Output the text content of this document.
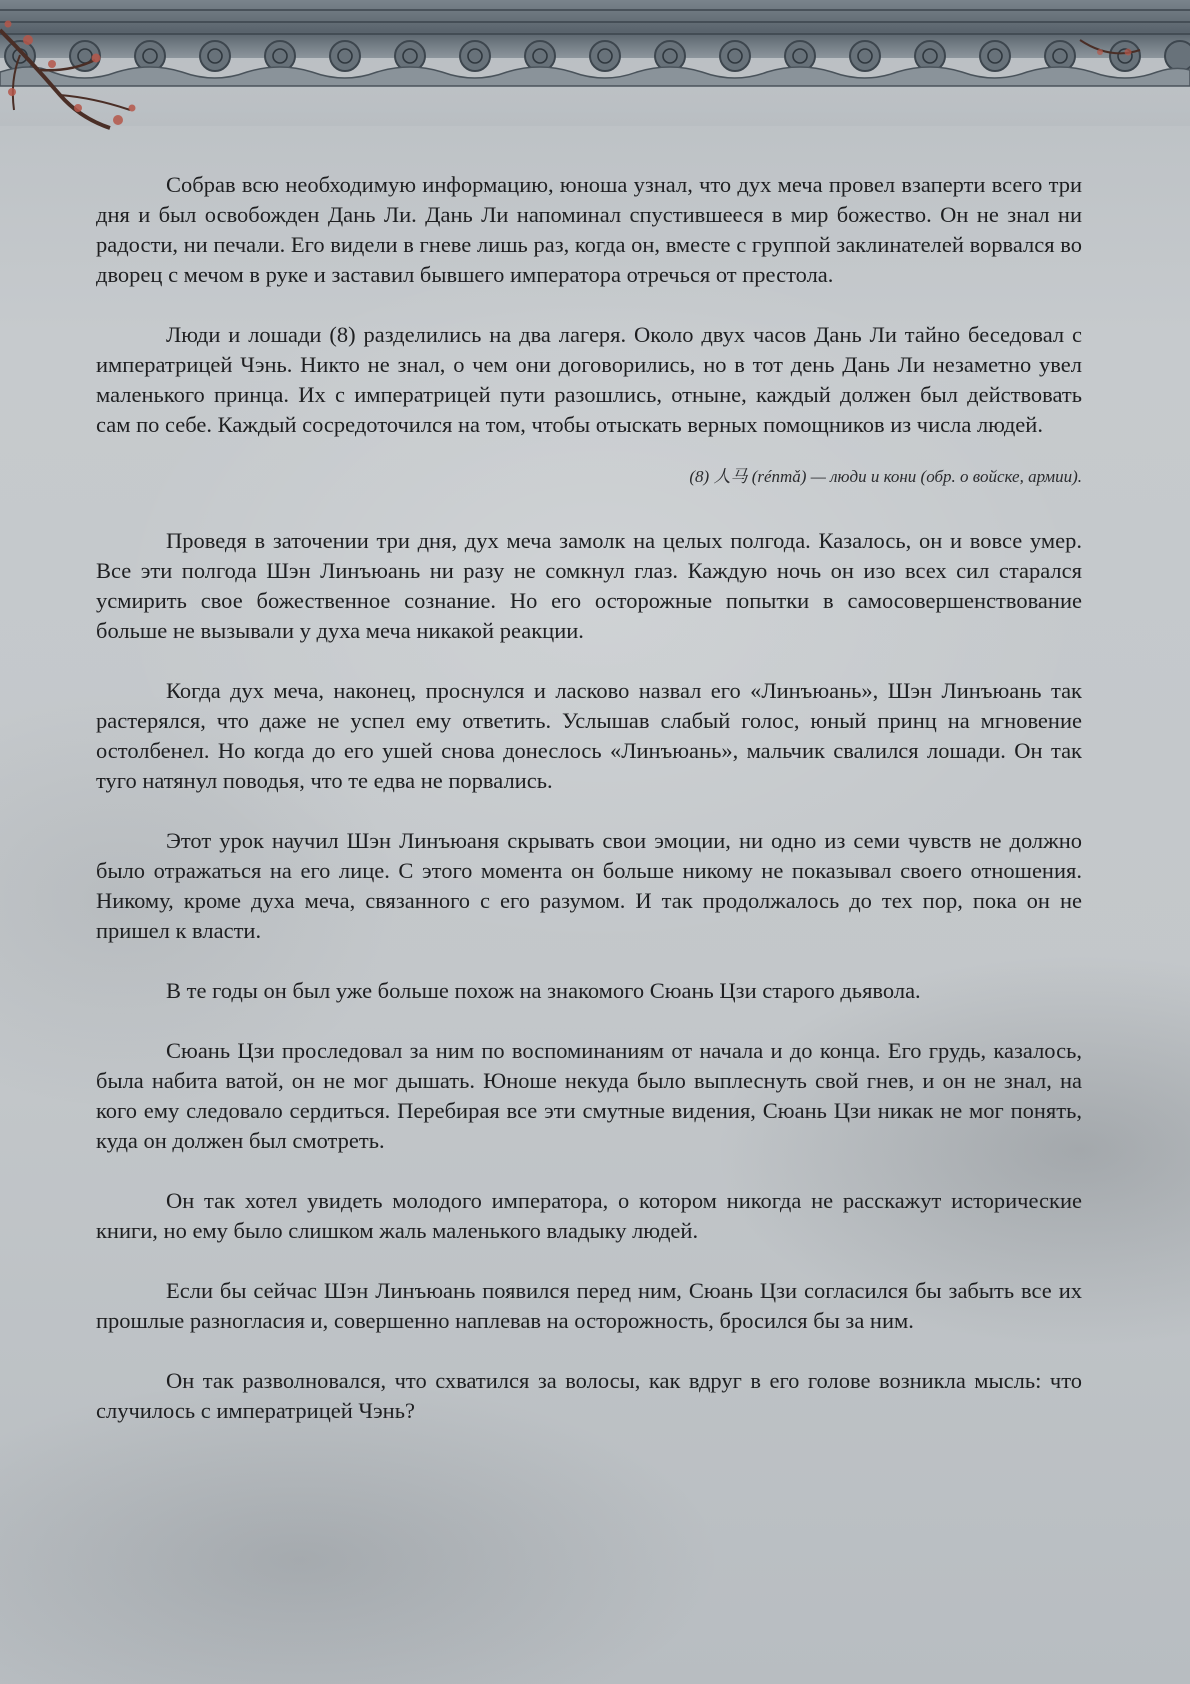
Собрав всю необходимую информацию, юноша узнал, что дух меча провел взаперти всего три дня и был освобожден Дань Ли. Дань Ли напоминал спустившееся в мир божество. Он не знал ни радости, ни печали. Его видели в гневе лишь раз, когда он, вместе с группой заклинателей ворвался во дворец с мечом в руке и заставил бывшего императора отречься от престола.

Люди и лошади (8) разделились на два лагеря. Около двух часов Дань Ли тайно беседовал с императрицей Чэнь. Никто не знал, о чем они договорились, но в тот день Дань Ли незаметно увел маленького принца. Их с императрицей пути разошлись, отныне, каждый должен был действовать сам по себе. Каждый сосредоточился на том, чтобы отыскать верных помощников из числа людей.

(8) 人马 (rénmǎ) — люди и кони (обр. о войске, армии).

Проведя в заточении три дня, дух меча замолк на целых полгода. Казалось, он и вовсе умер. Все эти полгода Шэн Линъюань ни разу не сомкнул глаз. Каждую ночь он изо всех сил старался усмирить свое божественное сознание. Но его осторожные попытки в самосовершенствование больше не вызывали у духа меча никакой реакции.

Когда дух меча, наконец, проснулся и ласково назвал его «Линъюань», Шэн Линъюань так растерялся, что даже не успел ему ответить. Услышав слабый голос, юный принц на мгновение остолбенел. Но когда до его ушей снова донеслось «Линъюань», мальчик свалился лошади. Он так туго натянул поводья, что те едва не порвались.

Этот урок научил Шэн Линъюаня скрывать свои эмоции, ни одно из семи чувств не должно было отражаться на его лице. С этого момента он больше никому не показывал своего отношения. Никому, кроме духа меча, связанного с его разумом. И так продолжалось до тех пор, пока он не пришел к власти.

В те годы он был уже больше похож на знакомого Сюань Цзи старого дьявола.

Сюань Цзи проследовал за ним по воспоминаниям от начала и до конца. Его грудь, казалось, была набита ватой, он не мог дышать. Юноше некуда было выплеснуть свой гнев, и он не знал, на кого ему следовало сердиться. Перебирая все эти смутные видения, Сюань Цзи никак не мог понять, куда он должен был смотреть.

Он так хотел увидеть молодого императора, о котором никогда не расскажут исторические книги, но ему было слишком жаль маленького владыку людей.

Если бы сейчас Шэн Линъюань появился перед ним, Сюань Цзи согласился бы забыть все их прошлые разногласия и, совершенно наплевав на осторожность, бросился бы за ним.

Он так разволновался, что схватился за волосы, как вдруг в его голове возникла мысль: что случилось с императрицей Чэнь?
